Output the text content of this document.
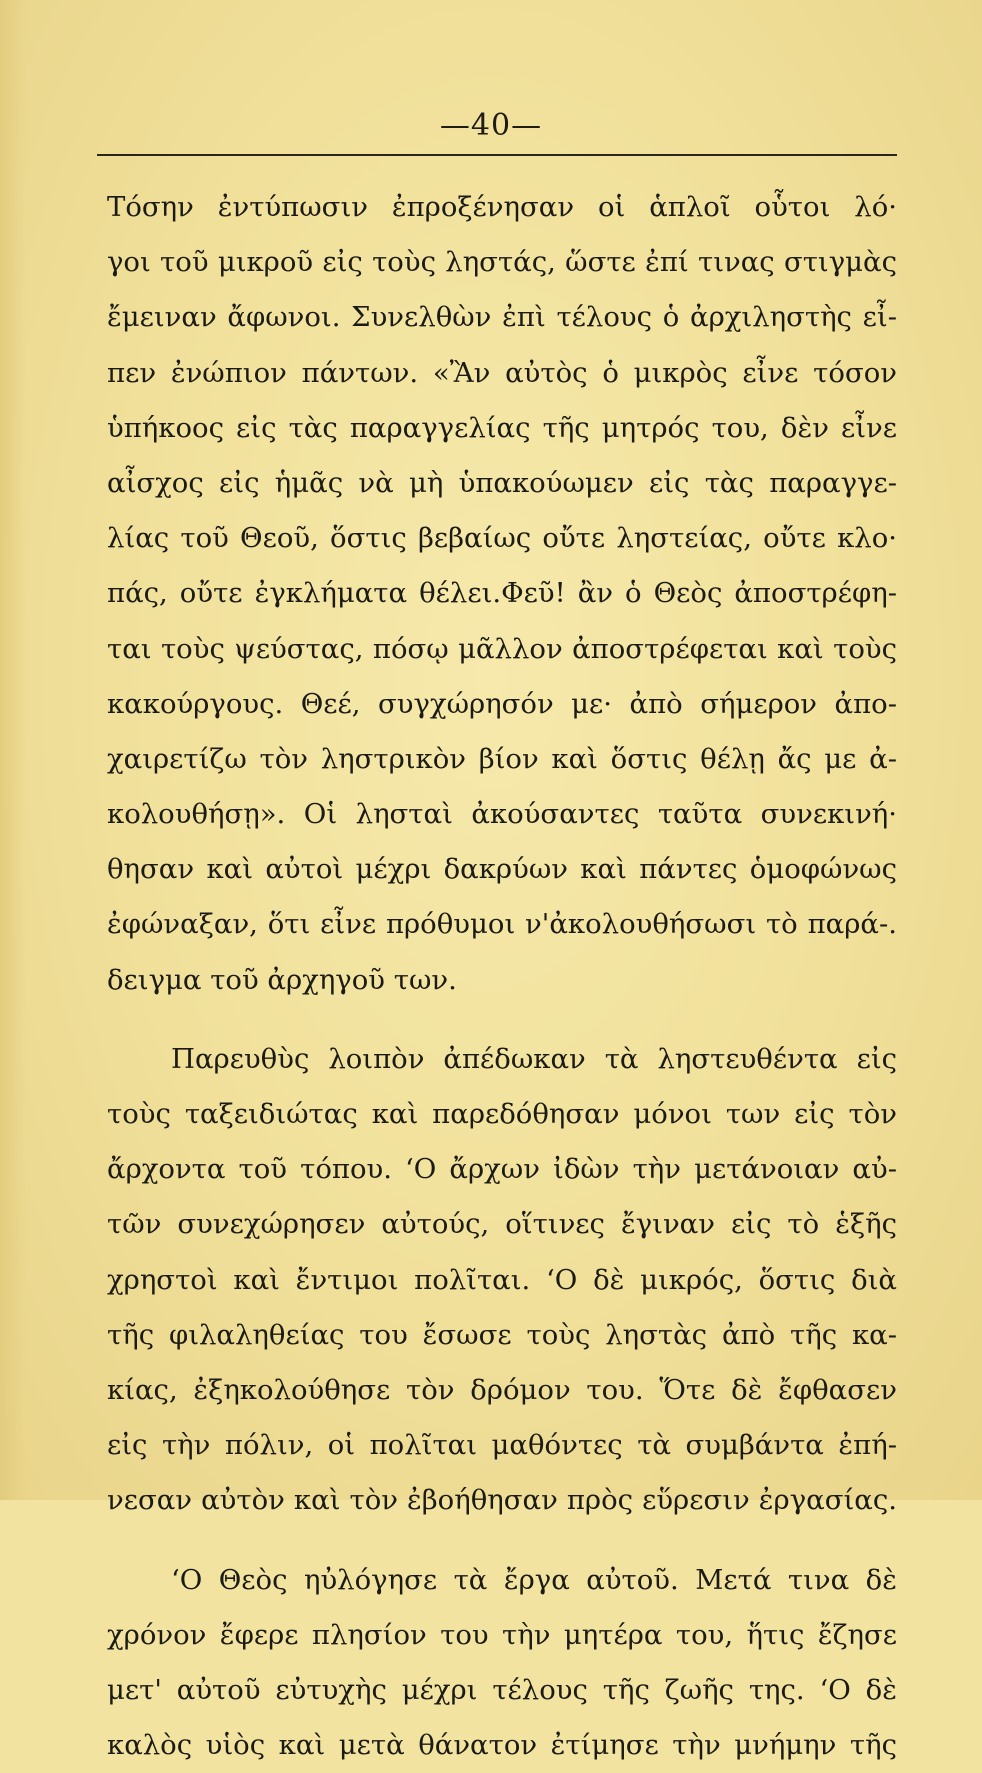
—40—
Τόσην ἐντύπωσιν ἐπροξένησαν οἱ ἁπλοῖ οὗτοι λό·
γοι τοῦ μικροῦ εἰς τοὺς ληστάς, ὥστε ἐπί τινας στιγμὰς
ἔμειναν ἄφωνοι. Συνελθὼν ἐπὶ τέλους ὁ ἀρχιληστὴς εἶ-
πεν ἐνώπιον πάντων. «Ἂν αὐτὸς ὁ μικρὸς εἶνε τόσον
ὑπήκοος εἰς τὰς παραγγελίας τῆς μητρός του, δὲν εἶνε
αἶσχος εἰς ἡμᾶς νὰ μὴ ὑπακούωμεν εἰς τὰς παραγγε-
λίας τοῦ Θεοῦ, ὅστις βεβαίως οὔτε ληστείας, οὔτε κλο·
πάς, οὔτε ἐγκλήματα θέλει.Φεῦ! ἂν ὁ Θεὸς ἀποστρέφη-
ται τοὺς ψεύστας, πόσῳ μᾶλλον ἀποστρέφεται καὶ τοὺς
κακούργους. Θεέ, συγχώρησόν με· ἀπὸ σήμερον ἀπο-
χαιρετίζω τὸν ληστρικὸν βίον καὶ ὅστις θέλῃ ἄς με ἀ-
κολουθήσῃ». Οἱ λησταὶ ἀκούσαντες ταῦτα συνεκινή·
θησαν καὶ αὐτοὶ μέχρι δακρύων καὶ πάντες ὁμοφώνως
ἐφώναξαν, ὅτι εἶνε πρόθυμοι ν'ἀκολουθήσωσι τὸ παρά-.
δειγμα τοῦ ἀρχηγοῦ των.
Παρευθὺς λοιπὸν ἀπέδωκαν τὰ ληστευθέντα εἰς
τοὺς ταξειδιώτας καὶ παρεδόθησαν μόνοι των εἰς τὸν
ἄρχοντα τοῦ τόπου. ‘Ο ἄρχων ἰδὼν τὴν μετάνοιαν αὐ-
τῶν συνεχώρησεν αὐτούς, οἵτινες ἔγιναν εἰς τὸ ἑξῆς
χρηστοὶ καὶ ἔντιμοι πολῖται. ‘Ο δὲ μικρός, ὅστις διὰ
τῆς φιλαληθείας του ἔσωσε τοὺς ληστὰς ἀπὸ τῆς κα-
κίας, ἐξηκολούθησε τὸν δρόμον του. Ὅτε δὲ ἔφθασεν
εἰς τὴν πόλιν, οἱ πολῖται μαθόντες τὰ συμβάντα ἐπή-
νεσαν αὐτὸν καὶ τὸν ἐβοήθησαν πρὸς εὕρεσιν ἐργασίας.
‘Ο Θεὸς ηὐλόγησε τὰ ἔργα αὐτοῦ. Μετά τινα δὲ
χρόνον ἔφερε πλησίον του τὴν μητέρα του, ἥτις ἔζησε
μετ' αὐτοῦ εὐτυχὴς μέχρι τέλους τῆς ζωῆς της. ‘Ο δὲ
καλὸς υἱὸς καὶ μετὰ θάνατον ἐτίμησε τὴν μνήμην τῆς
